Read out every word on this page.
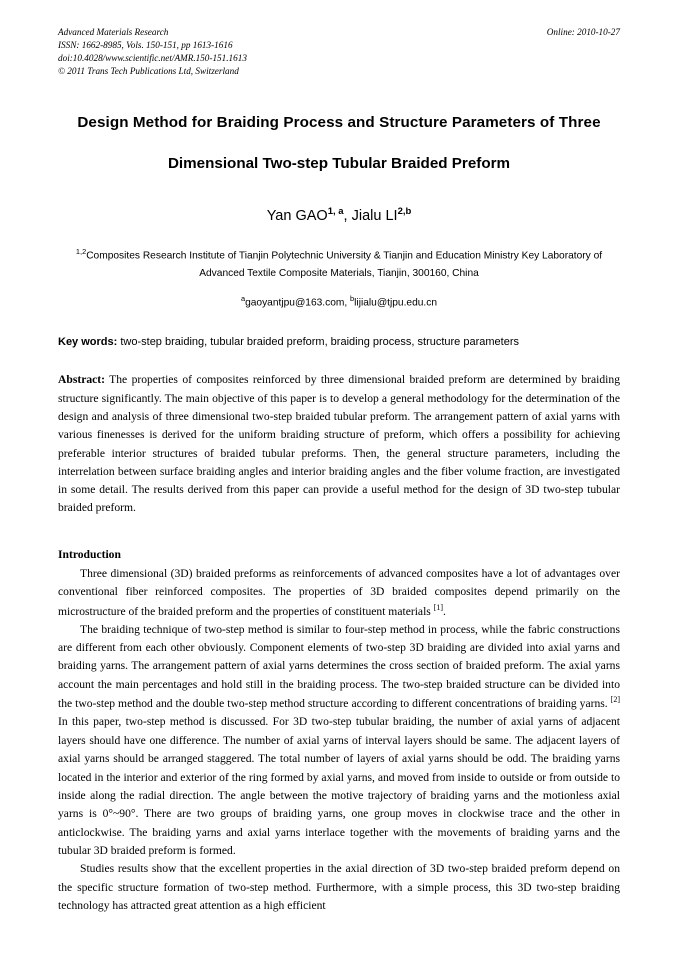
Advanced Materials Research
ISSN: 1662-8985, Vols. 150-151, pp 1613-1616
doi:10.4028/www.scientific.net/AMR.150-151.1613
© 2011 Trans Tech Publications Ltd, Switzerland
Online: 2010-10-27
Design Method for Braiding Process and Structure Parameters of Three
Dimensional Two-step Tubular Braided Preform
Yan GAO$^{1, a}$, Jialu LI$^{2,b}$
$^{1,2}$Composites Research Institute of Tianjin Polytechnic University & Tianjin and Education Ministry Key Laboratory of Advanced Textile Composite Materials, Tianjin, 300160, China
$^a$gaoyantjpu@163.com, $^b$lijialu@tjpu.edu.cn
Key words: two-step braiding, tubular braided preform, braiding process, structure parameters
Abstract: The properties of composites reinforced by three dimensional braided preform are determined by braiding structure significantly. The main objective of this paper is to develop a general methodology for the determination of the design and analysis of three dimensional two-step braided tubular preform. The arrangement pattern of axial yarns with various finenesses is derived for the uniform braiding structure of preform, which offers a possibility for achieving preferable interior structures of braided tubular preforms. Then, the general structure parameters, including the interrelation between surface braiding angles and interior braiding angles and the fiber volume fraction, are investigated in some detail. The results derived from this paper can provide a useful method for the design of 3D two-step tubular braided preform.
Introduction

Three dimensional (3D) braided preforms as reinforcements of advanced composites have a lot of advantages over conventional fiber reinforced composites. The properties of 3D braided composites depend primarily on the microstructure of the braided preform and the properties of constituent materials [1].

The braiding technique of two-step method is similar to four-step method in process, while the fabric constructions are different from each other obviously. Component elements of two-step 3D braiding are divided into axial yarns and braiding yarns. The arrangement pattern of axial yarns determines the cross section of braided preform. The axial yarns account the main percentages and hold still in the braiding process. The two-step braided structure can be divided into the two-step method and the double two-step method structure according to different concentrations of braiding yarns. [2] In this paper, two-step method is discussed. For 3D two-step tubular braiding, the number of axial yarns of adjacent layers should have one difference. The number of axial yarns of interval layers should be same. The adjacent layers of axial yarns should be arranged staggered. The total number of layers of axial yarns should be odd. The braiding yarns located in the interior and exterior of the ring formed by axial yarns, and moved from inside to outside or from outside to inside along the radial direction. The angle between the motive trajectory of braiding yarns and the motionless axial yarns is 0°~90°. There are two groups of braiding yarns, one group moves in clockwise trace and the other in anticlockwise. The braiding yarns and axial yarns interlace together with the movements of braiding yarns and the tubular 3D braided preform is formed.

Studies results show that the excellent properties in the axial direction of 3D two-step braided preform depend on the specific structure formation of two-step method. Furthermore, with a simple process, this 3D two-step braiding technology has attracted great attention as a high efficient
